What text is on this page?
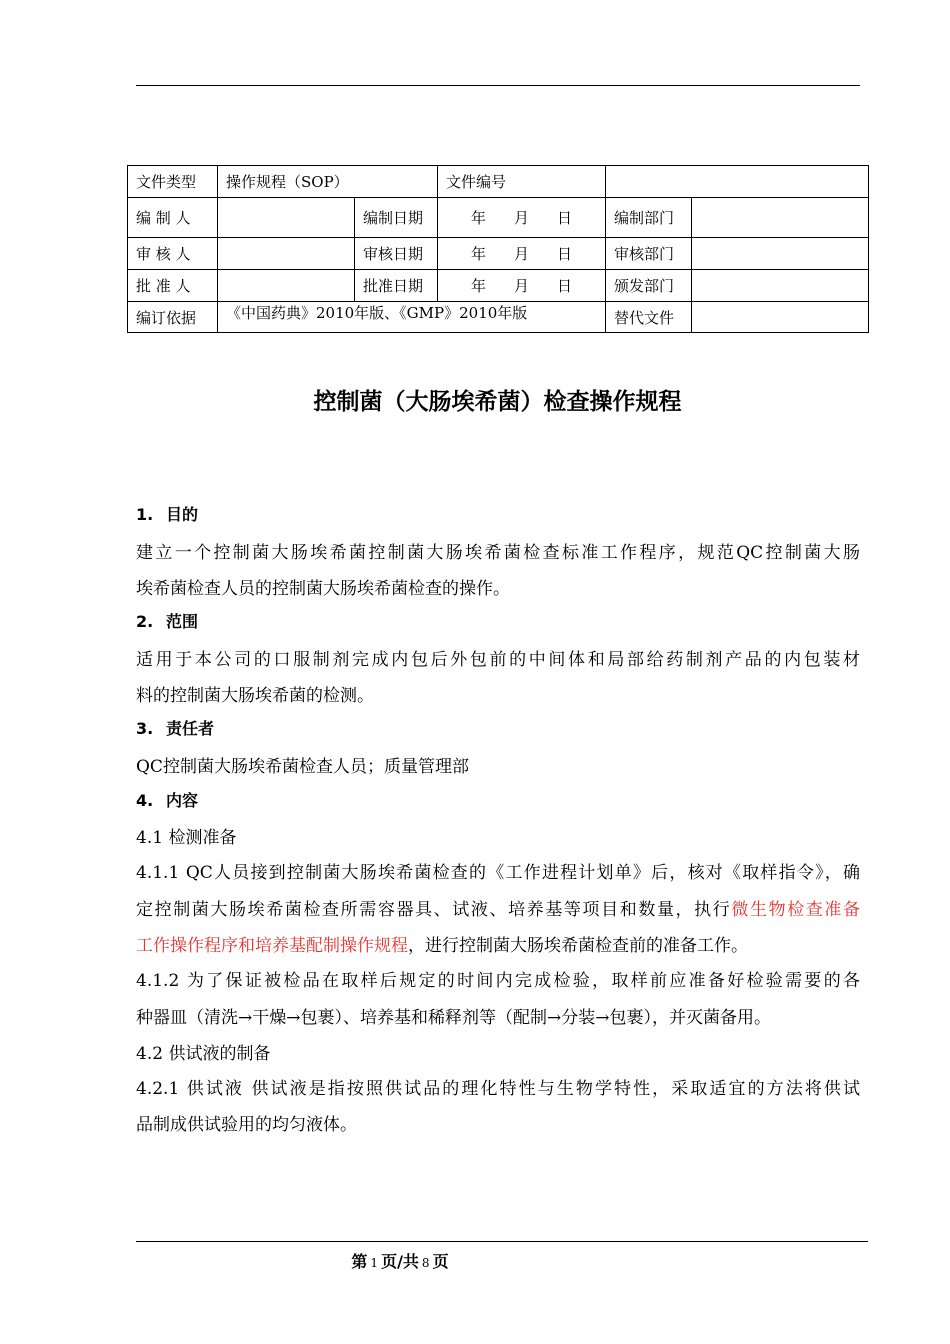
文件类型	操作规程（SOP）		文件编号		
编 制 人		编制日期	年 月 日	编制部门	
审 核 人		审核日期	年 月 日	审核部门	
批 准 人		批准日期	年 月 日	颁发部门	
编订依据	《中国药典》2010年版、《GMP》2010年版			替代文件	
控制菌（大肠埃希菌）检查操作规程
1. 目的
建立一个控制菌大肠埃希菌控制菌大肠埃希菌检查标准工作程序，规范QC控制菌大肠
埃希菌检查人员的控制菌大肠埃希菌检查的操作。
2. 范围
适用于本公司的口服制剂完成内包后外包前的中间体和局部给药制剂产品的内包装材
料的控制菌大肠埃希菌的检测。
3. 责任者
QC控制菌大肠埃希菌检查人员；质量管理部
4. 内容
4.1 检测准备
4.1.1 QC人员接到控制菌大肠埃希菌检查的《工作进程计划单》后，核对《取样指令》，确
定控制菌大肠埃希菌检查所需容器具、试液、培养基等项目和数量，执行微生物检查准备
工作操作程序和培养基配制操作规程，进行控制菌大肠埃希菌检查前的准备工作。
4.1.2 为了保证被检品在取样后规定的时间内完成检验，取样前应准备好检验需要的各
种器皿（清洗→干燥→包裹）、培养基和稀释剂等（配制→分装→包裹），并灭菌备用。
4.2 供试液的制备
4.2.1 供试液 供试液是指按照供试品的理化特性与生物学特性，采取适宜的方法将供试
品制成供试验用的均匀液体。
第 1 页/共 8 页
